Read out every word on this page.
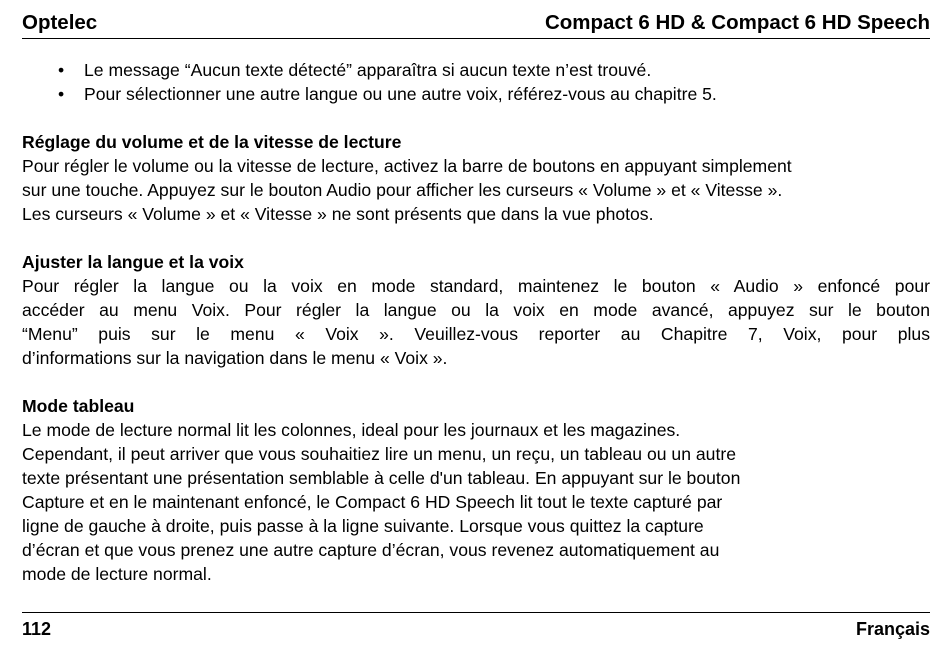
Optelec	Compact 6 HD & Compact 6 HD Speech
•
Le message “Aucun texte détecté” apparaîtra si aucun texte n’est trouvé.
•
Pour sélectionner une autre langue ou une autre voix, référez-vous au chapitre 5.
Réglage du volume et de la vitesse de lecture
Pour régler le volume ou la vitesse de lecture, activez la barre de boutons en appuyant simplement
sur une touche. Appuyez sur le bouton Audio pour afficher les curseurs « Volume » et « Vitesse ».
Les curseurs « Volume » et « Vitesse » ne sont présents que dans la vue photos.
Ajuster la langue et la voix
Pour régler la langue ou la voix en mode standard, maintenez le bouton « Audio » enfoncé pour
accéder au menu Voix. Pour régler la langue ou la voix en mode avancé, appuyez sur le bouton
“Menu” puis sur le menu « Voix ». Veuillez-vous reporter au Chapitre 7, Voix, pour plus
d’informations sur la navigation dans le menu « Voix ».
Mode tableau
Le mode de lecture normal lit les colonnes, ideal pour les journaux et les magazines.
Cependant, il peut arriver que vous souhaitiez lire un menu, un reçu, un tableau ou un autre
texte présentant une présentation semblable à celle d'un tableau. En appuyant sur le bouton
Capture et en le maintenant enfoncé, le Compact 6 HD Speech lit tout le texte capturé par
ligne de gauche à droite, puis passe à la ligne suivante. Lorsque vous quittez la capture
d’écran et que vous prenez une autre capture d’écran, vous revenez automatiquement au
mode de lecture normal.
112	Français
